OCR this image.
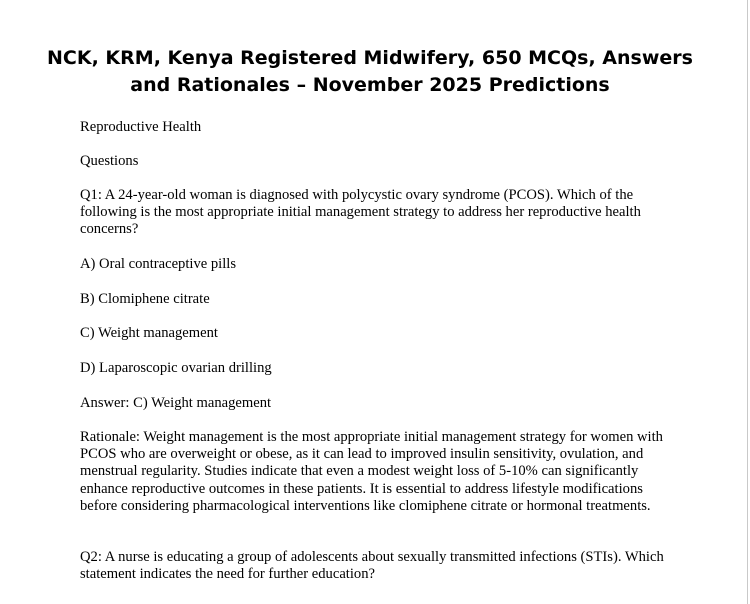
NCK, KRM, Kenya Registered Midwifery, 650 MCQs, Answers and Rationales – November 2025 Predictions

Reproductive Health

Questions

Q1: A 24-year-old woman is diagnosed with polycystic ovary syndrome (PCOS). Which of the following is the most appropriate initial management strategy to address her reproductive health concerns?

A) Oral contraceptive pills

B) Clomiphene citrate

C) Weight management

D) Laparoscopic ovarian drilling

Answer: C) Weight management

Rationale: Weight management is the most appropriate initial management strategy for women with PCOS who are overweight or obese, as it can lead to improved insulin sensitivity, ovulation, and menstrual regularity. Studies indicate that even a modest weight loss of 5-10% can significantly enhance reproductive outcomes in these patients. It is essential to address lifestyle modifications before considering pharmacological interventions like clomiphene citrate or hormonal treatments.

Q2: A nurse is educating a group of adolescents about sexually transmitted infections (STIs). Which statement indicates the need for further education?
